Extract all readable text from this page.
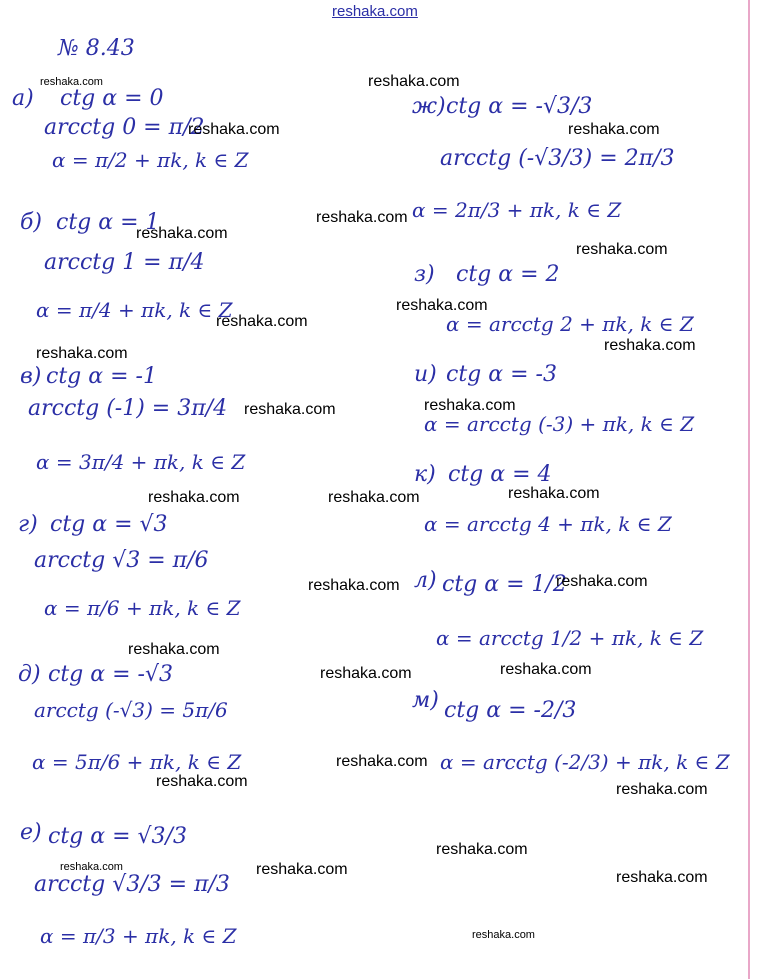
reshaka.com
№ 8.43
а) ctg α = 0
arcctg 0 = π/2
α = π/2 + πk, k ∈ Z
б) ctg α = 1
arcctg 1 = π/4
α = π/4 + πk, k ∈ Z
в) ctg α = -1
arcctg (-1) = 3π/4
α = 3π/4 + πk, k ∈ Z
г) ctg α = √3
arcctg √3 = π/6
α = π/6 + πk, k ∈ Z
д) ctg α = -√3
arcctg (-√3) = 5π/6
α = 5π/6 + πk, k ∈ Z
е) ctg α = √3/3
arcctg √3/3 = π/3
α = π/3 + πk, k ∈ Z
ж) ctg α = -√3/3
arcctg (-√3/3) = 2π/3
α = 2π/3 + πk, k ∈ Z
з) ctg α = 2
α = arcctg 2 + πk, k ∈ Z
и) ctg α = -3
α = arcctg (-3) + πk, k ∈ Z
к) ctg α = 4
α = arcctg 4 + πk, k ∈ Z
л) ctg α = 1/2
α = arcctg 1/2 + πk, k ∈ Z
м) ctg α = -2/3
α = arcctg (-2/3) + πk, k ∈ Z
reshaka.com	reshaka.com
reshaka.com	reshaka.com
reshaka.com
reshaka.com
reshaka.com
reshaka.com
reshaka.com
reshaka.com
reshaka.com
reshaka.com
reshaka.com
reshaka.com
reshaka.com	reshaka.com
reshaka.com
reshaka.com
reshaka.com
reshaka.com
reshaka.com
reshaka.com
reshaka.com	reshaka.com
reshaka.com
reshaka.com	reshaka.com	reshaka.com
reshaka.com
